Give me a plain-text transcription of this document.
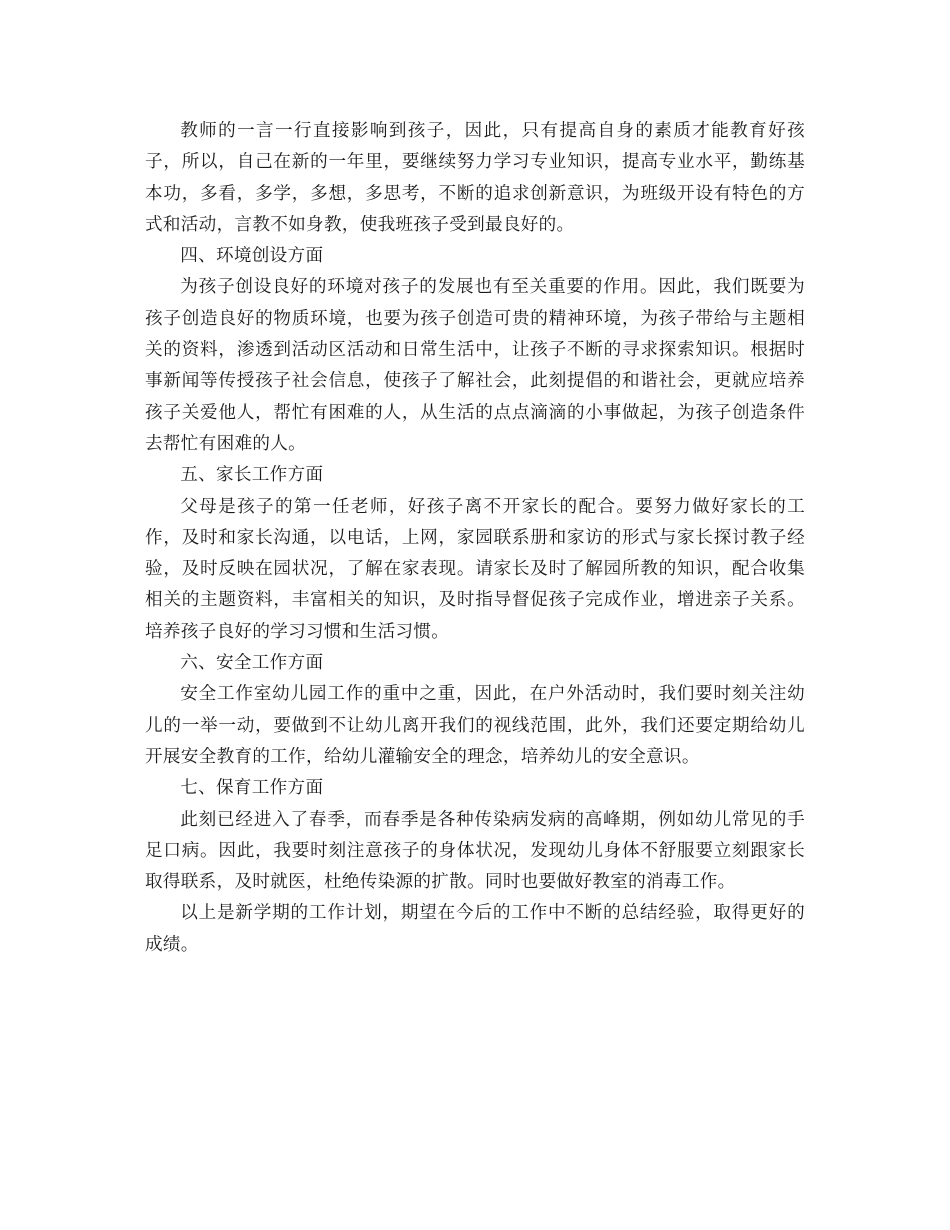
教师的一言一行直接影响到孩子，因此，只有提高自身的素质才能教育好孩子，所以，自己在新的一年里，要继续努力学习专业知识，提高专业水平，勤练基本功，多看，多学，多想，多思考，不断的追求创新意识，为班级开设有特色的方式和活动，言教不如身教，使我班孩子受到最良好的。

四、环境创设方面

为孩子创设良好的环境对孩子的发展也有至关重要的作用。因此，我们既要为孩子创造良好的物质环境，也要为孩子创造可贵的精神环境，为孩子带给与主题相关的资料，渗透到活动区活动和日常生活中，让孩子不断的寻求探索知识。根据时事新闻等传授孩子社会信息，使孩子了解社会，此刻提倡的和谐社会，更就应培养孩子关爱他人，帮忙有困难的人，从生活的点点滴滴的小事做起，为孩子创造条件去帮忙有困难的人。

五、家长工作方面

父母是孩子的第一任老师，好孩子离不开家长的配合。要努力做好家长的工作，及时和家长沟通，以电话，上网，家园联系册和家访的形式与家长探讨教子经验，及时反映在园状况，了解在家表现。请家长及时了解园所教的知识，配合收集相关的主题资料，丰富相关的知识，及时指导督促孩子完成作业，增进亲子关系。培养孩子良好的学习习惯和生活习惯。

六、安全工作方面

安全工作室幼儿园工作的重中之重，因此，在户外活动时，我们要时刻关注幼儿的一举一动，要做到不让幼儿离开我们的视线范围，此外，我们还要定期给幼儿开展安全教育的工作，给幼儿灌输安全的理念，培养幼儿的安全意识。

七、保育工作方面

此刻已经进入了春季，而春季是各种传染病发病的高峰期，例如幼儿常见的手足口病。因此，我要时刻注意孩子的身体状况，发现幼儿身体不舒服要立刻跟家长取得联系，及时就医，杜绝传染源的扩散。同时也要做好教室的消毒工作。

以上是新学期的工作计划，期望在今后的工作中不断的总结经验，取得更好的成绩。
